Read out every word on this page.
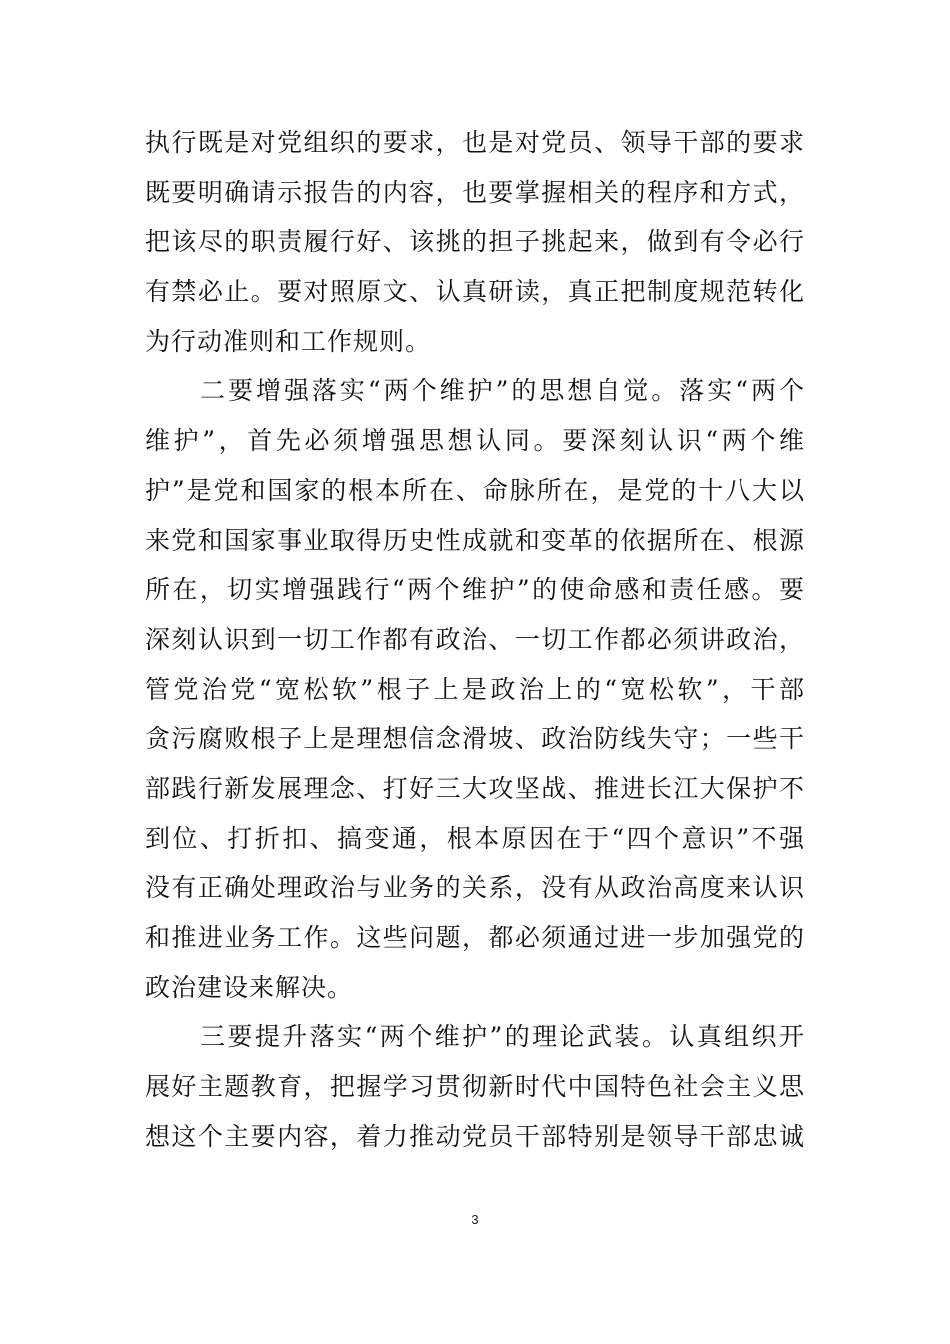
执行既是对党组织的要求，也是对党员、领导干部的要求
既要明确请示报告的内容，也要掌握相关的程序和方式，
把该尽的职责履行好、该挑的担子挑起来，做到有令必行
有禁必止。要对照原文、认真研读，真正把制度规范转化
为行动准则和工作规则。
二要增强落实“两个维护”的思想自觉。落实“两个
维护”，首先必须增强思想认同。要深刻认识“两个维
护”是党和国家的根本所在、命脉所在，是党的十八大以
来党和国家事业取得历史性成就和变革的依据所在、根源
所在，切实增强践行“两个维护”的使命感和责任感。要
深刻认识到一切工作都有政治、一切工作都必须讲政治，
管党治党“宽松软”根子上是政治上的“宽松软”，干部
贪污腐败根子上是理想信念滑坡、政治防线失守；一些干
部践行新发展理念、打好三大攻坚战、推进长江大保护不
到位、打折扣、搞变通，根本原因在于“四个意识”不强
没有正确处理政治与业务的关系，没有从政治高度来认识
和推进业务工作。这些问题，都必须通过进一步加强党的
政治建设来解决。
三要提升落实“两个维护”的理论武装。认真组织开
展好主题教育，把握学习贯彻新时代中国特色社会主义思
想这个主要内容，着力推动党员干部特别是领导干部忠诚
3
